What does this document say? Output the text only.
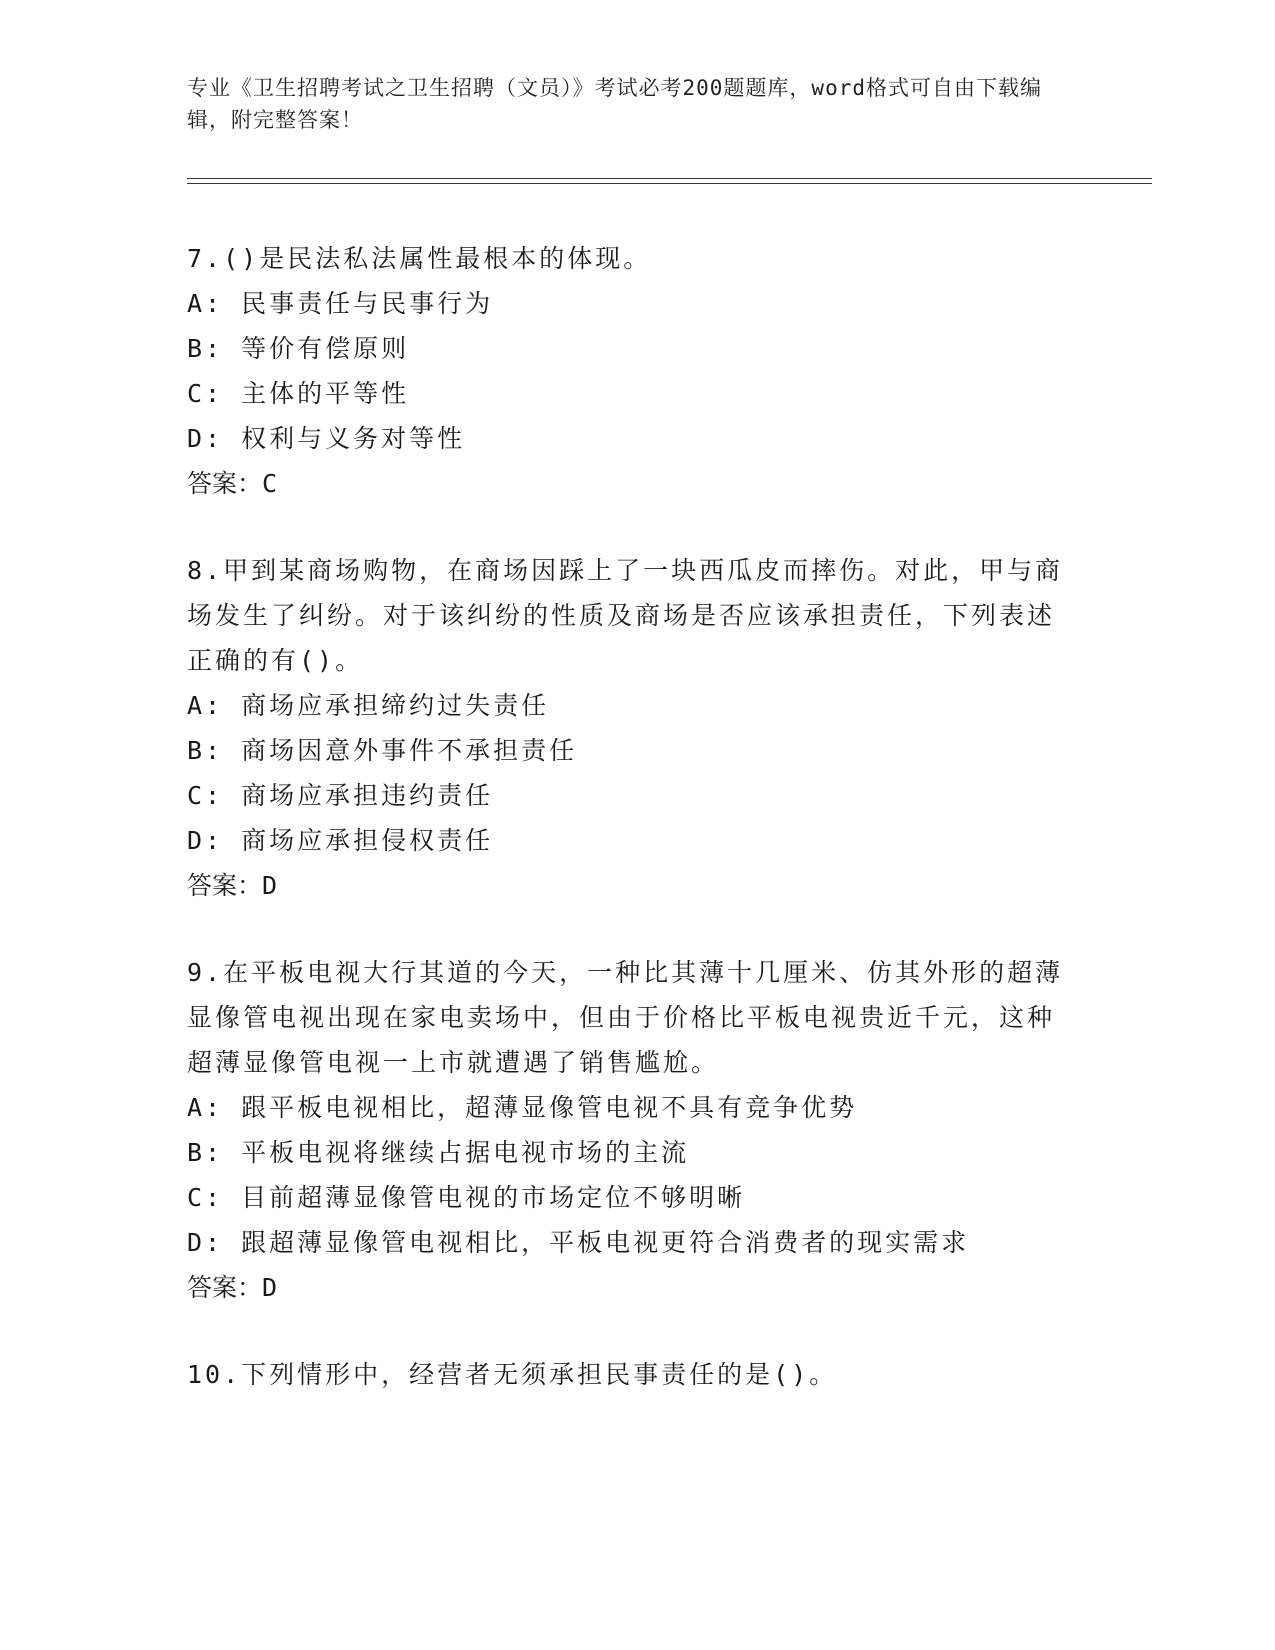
专业《卫生招聘考试之卫生招聘（文员）》考试必考200题题库，word格式可自由下载编辑，附完整答案！

7.()是民法私法属性最根本的体现。

A: 民事责任与民事行为

B: 等价有偿原则

C: 主体的平等性

D: 权利与义务对等性

答案：C

8.甲到某商场购物，在商场因踩上了一块西瓜皮而摔伤。对此，甲与商场发生了纠纷。对于该纠纷的性质及商场是否应该承担责任，下列表述正确的有()。

A: 商场应承担缔约过失责任

B: 商场因意外事件不承担责任

C: 商场应承担违约责任

D: 商场应承担侵权责任

答案：D

9.在平板电视大行其道的今天，一种比其薄十几厘米、仿其外形的超薄显像管电视出现在家电卖场中，但由于价格比平板电视贵近千元，这种超薄显像管电视一上市就遭遇了销售尴尬。

A: 跟平板电视相比，超薄显像管电视不具有竞争优势

B: 平板电视将继续占据电视市场的主流

C: 目前超薄显像管电视的市场定位不够明晰

D: 跟超薄显像管电视相比，平板电视更符合消费者的现实需求

答案：D

10.下列情形中，经营者无须承担民事责任的是()。
